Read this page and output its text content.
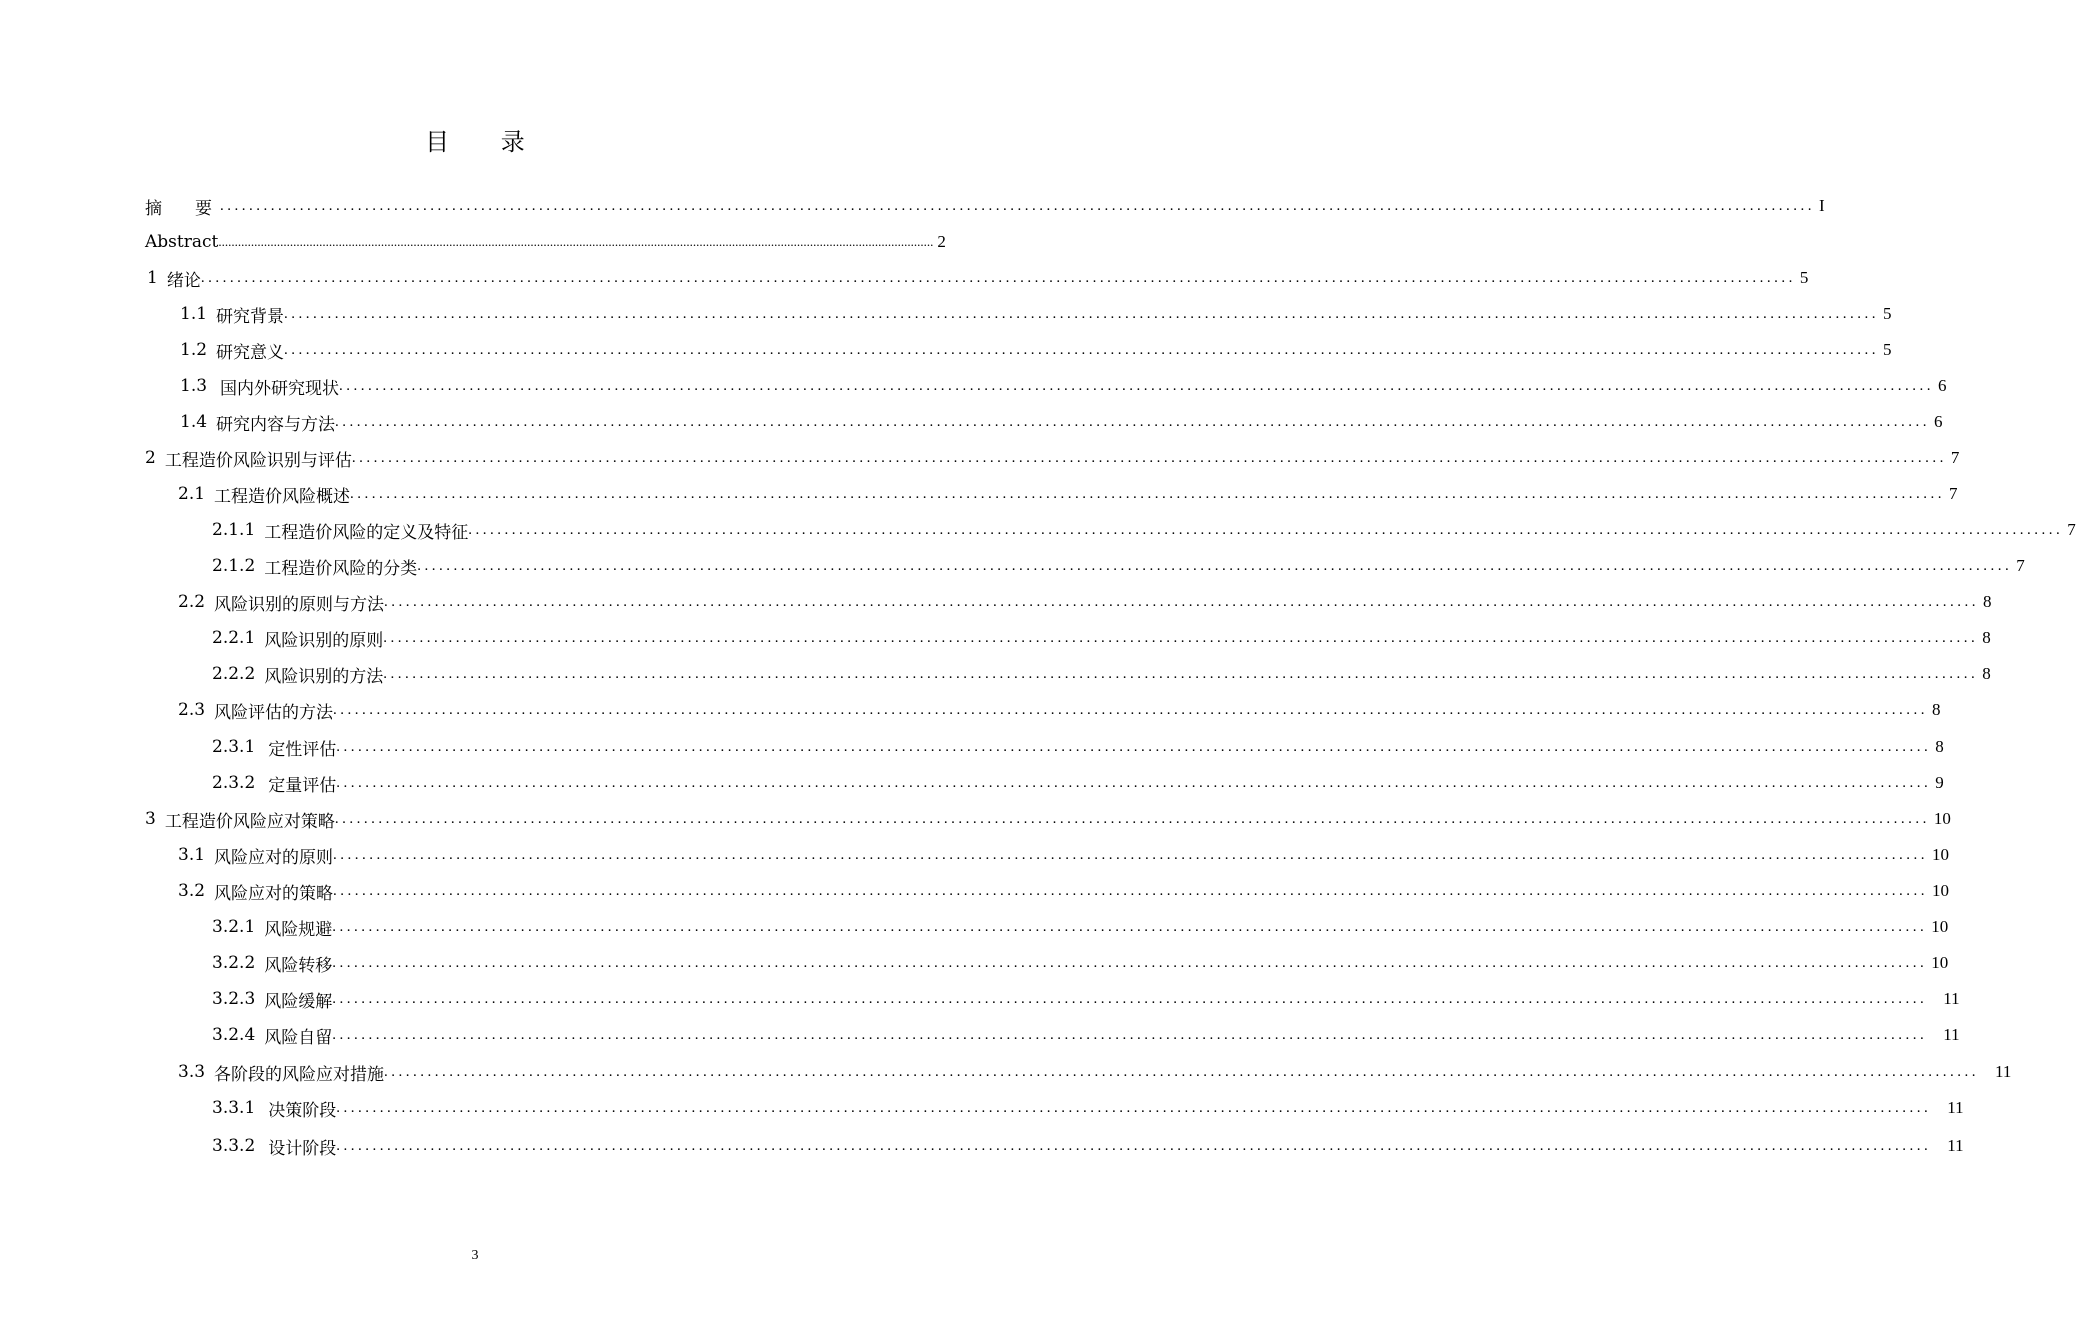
目 录
摘　要 ............................................................................................................................................................................................................................ I
Abstract ............................................................................................................................................................................................................................ 2
1 绪论 ............................................................................................................................................................................................................................ 5
1.1 研究背景 ............................................................................................................................................................................................................................ 5
1.2 研究意义 ............................................................................................................................................................................................................................ 5
1.3 国内外研究现状 ............................................................................................................................................................................................................................ 6
1.4 研究内容与方法 ............................................................................................................................................................................................................................ 6
2 工程造价风险识别与评估 ............................................................................................................................................................................................................................ 7
2.1 工程造价风险概述 ............................................................................................................................................................................................................................ 7
2.1.1 工程造价风险的定义及特征 ............................................................................................................................................................................................................................ 7
2.1.2 工程造价风险的分类 ............................................................................................................................................................................................................................ 7
2.2 风险识别的原则与方法 ............................................................................................................................................................................................................................ 8
2.2.1 风险识别的原则 ............................................................................................................................................................................................................................ 8
2.2.2 风险识别的方法 ............................................................................................................................................................................................................................ 8
2.3 风险评估的方法 ............................................................................................................................................................................................................................ 8
2.3.1 定性评估 ............................................................................................................................................................................................................................ 8
2.3.2 定量评估 ............................................................................................................................................................................................................................ 9
3 工程造价风险应对策略 ............................................................................................................................................................................................................................ 10
3.1 风险应对的原则 ............................................................................................................................................................................................................................ 10
3.2 风险应对的策略 ............................................................................................................................................................................................................................ 10
3.2.1 风险规避 ............................................................................................................................................................................................................................ 10
3.2.2 风险转移 ............................................................................................................................................................................................................................ 10
3.2.3 风险缓解 ............................................................................................................................................................................................................................ 11
3.2.4 风险自留 ............................................................................................................................................................................................................................ 11
3.3 各阶段的风险应对措施 ............................................................................................................................................................................................................................ 11
3.3.1 决策阶段 ............................................................................................................................................................................................................................ 11
3.3.2 设计阶段 ............................................................................................................................................................................................................................ 11
3
